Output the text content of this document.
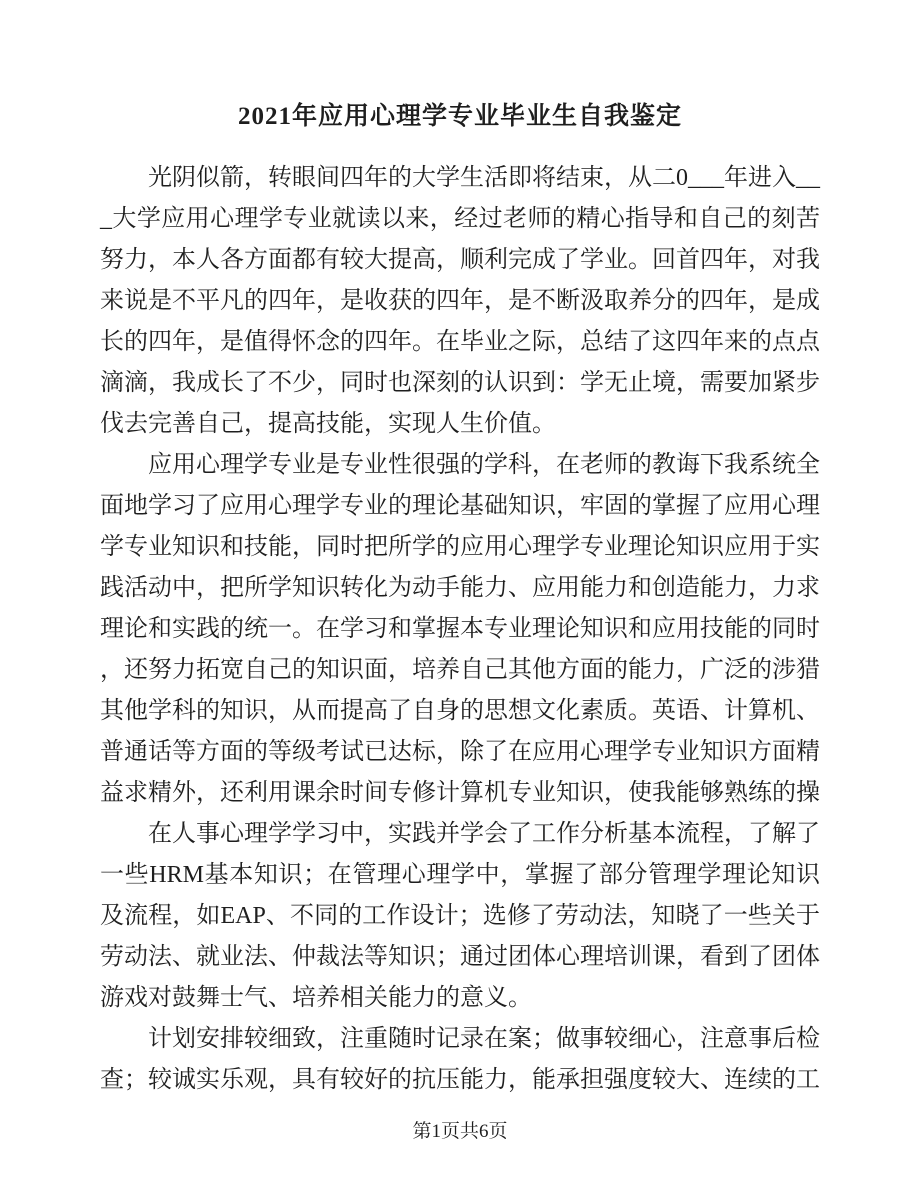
2021年应用心理学专业毕业生自我鉴定

光阴似箭，转眼间四年的大学生活即将结束，从二0___年进入___大学应用心理学专业就读以来，经过老师的精心指导和自己的刻苦努力，本人各方面都有较大提高，顺利完成了学业。回首四年，对我来说是不平凡的四年，是收获的四年，是不断汲取养分的四年，是成长的四年，是值得怀念的四年。在毕业之际，总结了这四年来的点点滴滴，我成长了不少，同时也深刻的认识到：学无止境，需要加紧步伐去完善自己，提高技能，实现人生价值。

应用心理学专业是专业性很强的学科，在老师的教诲下我系统全面地学习了应用心理学专业的理论基础知识，牢固的掌握了应用心理学专业知识和技能，同时把所学的应用心理学专业理论知识应用于实践活动中，把所学知识转化为动手能力、应用能力和创造能力，力求理论和实践的统一。在学习和掌握本专业理论知识和应用技能的同时，还努力拓宽自己的知识面，培养自己其他方面的能力，广泛的涉猎其他学科的知识，从而提高了自身的思想文化素质。英语、计算机、普通话等方面的等级考试已达标，除了在应用心理学专业知识方面精益求精外，还利用课余时间专修计算机专业知识，使我能够熟练的操

在人事心理学学习中，实践并学会了工作分析基本流程，了解了一些HRM基本知识；在管理心理学中，掌握了部分管理学理论知识及流程，如EAP、不同的工作设计；选修了劳动法，知晓了一些关于劳动法、就业法、仲裁法等知识；通过团体心理培训课，看到了团体游戏对鼓舞士气、培养相关能力的意义。

计划安排较细致，注重随时记录在案；做事较细心，注意事后检查；较诚实乐观，具有较好的抗压能力，能承担强度较大、连续的工

第1页共6页
